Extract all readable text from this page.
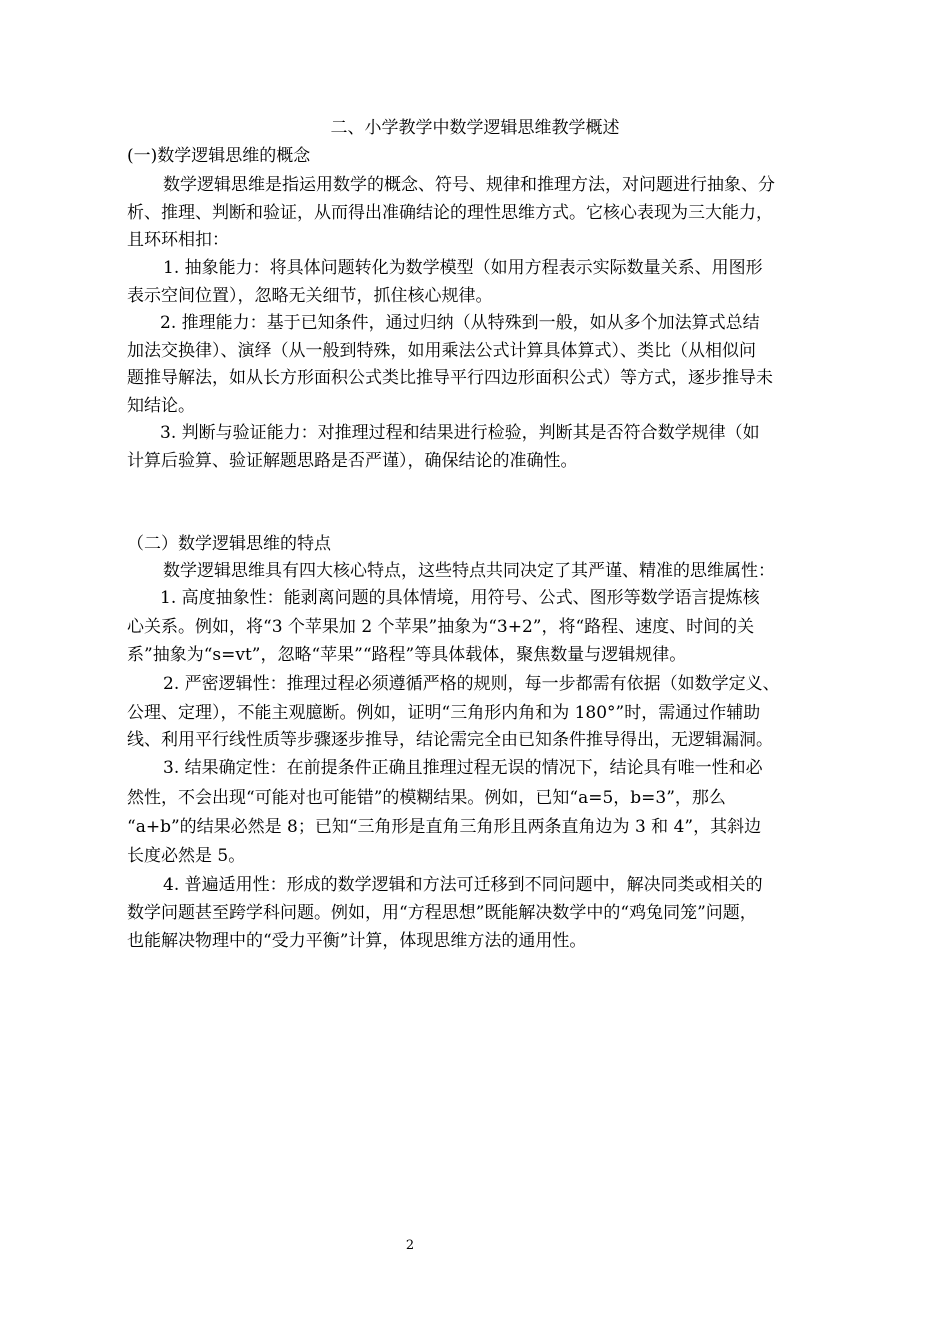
二、小学教学中数学逻辑思维教学概述
(一)数学逻辑思维的概念
数学逻辑思维是指运用数学的概念、符号、规律和推理方法，对问题进行抽象、分
析、推理、判断和验证，从而得出准确结论的理性思维方式。它核心表现为三大能力，
且环环相扣：
1. 抽象能力：将具体问题转化为数学模型（如用方程表示实际数量关系、用图形
表示空间位置），忽略无关细节，抓住核心规律。
2. 推理能力：基于已知条件，通过归纳（从特殊到一般，如从多个加法算式总结
加法交换律）、演绎（从一般到特殊，如用乘法公式计算具体算式）、类比（从相似问
题推导解法，如从长方形面积公式类比推导平行四边形面积公式）等方式，逐步推导未
知结论。
3. 判断与验证能力：对推理过程和结果进行检验，判断其是否符合数学规律（如
计算后验算、验证解题思路是否严谨），确保结论的准确性。
（二）数学逻辑思维的特点
数学逻辑思维具有四大核心特点，这些特点共同决定了其严谨、精准的思维属性：
1. 高度抽象性：能剥离问题的具体情境，用符号、公式、图形等数学语言提炼核
心关系。例如，将“3 个苹果加 2 个苹果”抽象为“3+2”，将“路程、速度、时间的关
系”抽象为“s=vt”，忽略“苹果”“路程”等具体载体，聚焦数量与逻辑规律。
2. 严密逻辑性：推理过程必须遵循严格的规则，每一步都需有依据（如数学定义、
公理、定理），不能主观臆断。例如，证明“三角形内角和为 180°”时，需通过作辅助
线、利用平行线性质等步骤逐步推导，结论需完全由已知条件推导得出，无逻辑漏洞。
3. 结果确定性：在前提条件正确且推理过程无误的情况下，结论具有唯一性和必
然性，不会出现“可能对也可能错”的模糊结果。例如，已知“a=5，b=3”，那么
“a+b”的结果必然是 8；已知“三角形是直角三角形且两条直角边为 3 和 4”，其斜边
长度必然是 5。
4. 普遍适用性：形成的数学逻辑和方法可迁移到不同问题中，解决同类或相关的
数学问题甚至跨学科问题。例如，用“方程思想”既能解决数学中的“鸡兔同笼”问题，
也能解决物理中的“受力平衡”计算，体现思维方法的通用性。
2
